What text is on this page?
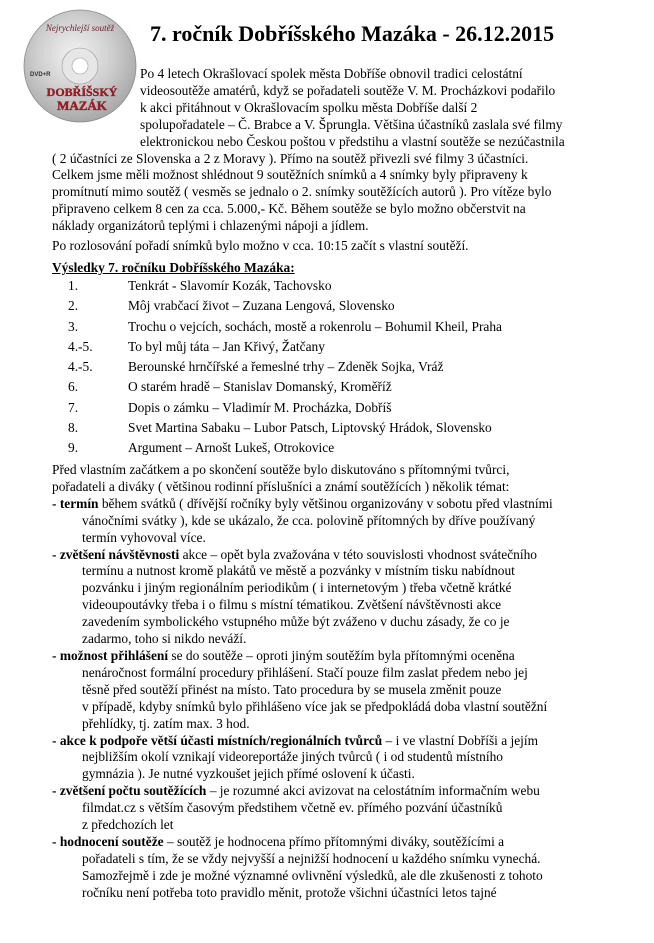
Nejrychlejší soutěž
DVD+R
DOBŘÍŠSKÝ
MAZÁK
7. ročník Dobříšského Mazáka - 26.12.2015

Po 4 letech Okrašlovací spolek města Dobříše obnovil tradici celostátní
videosoutěže amatérů, když se pořadateli soutěže V. M. Procházkovi podařilo
k akci přitáhnout v Okrašlovacím spolku města Dobříše další 2
spolupořadatele – Č. Brabce a V. Šprungla. Většina účastníků zaslala své filmy
elektronickou nebo Českou poštou v předstihu a vlastní soutěže se nezúčastnila
( 2 účastníci ze Slovenska a 2 z Moravy ). Přímo na soutěž přivezli své filmy 3 účastníci.
Celkem jsme měli možnost shlédnout 9 soutěžních snímků a 4 snímky byly připraveny k
promítnutí mimo soutěž ( vesměs se jednalo o 2. snímky soutěžících autorů ). Pro vítěze bylo
připraveno celkem 8 cen za cca. 5.000,- Kč. Během soutěže se bylo možno občerstvit na
náklady organizátorů teplými i chlazenými nápoji a jídlem.

Po rozlosování pořadí snímků bylo možno v cca. 10:15 začít s vlastní soutěží.

Výsledky 7. ročníku Dobříšského Mazáka:

1.	Tenkrát - Slavomír Kozák, Tachovsko
2.	Môj vrabčací život – Zuzana Lengová, Slovensko
3.	Trochu o vejcích, sochách, mostě a rokenrolu – Bohumil Kheil, Praha
4.-5.	To byl můj táta – Jan Křivý, Žatčany
4.-5.	Berounské hrnčířské a řemeslné trhy – Zdeněk Sojka, Vráž
6.	O starém hradě – Stanislav Domanský, Kroměříž
7.	Dopis o zámku – Vladimír M. Procházka, Dobříš
8.	Svet Martina Sabaku – Lubor Patsch, Liptovský Hrádok, Slovensko
9.	Argument – Arnošt Lukeš, Otrokovice

Před vlastním začátkem a po skončení soutěže bylo diskutováno s přítomnými tvůrci,
pořadateli a diváky ( většinou rodinní příslušníci a známí soutěžících ) několik témat:

- termín během svátků ( dřívější ročníky byly většinou organizovány v sobotu před vlastními
vánočními svátky ), kde se ukázalo, že cca. polovině přítomných by dříve používaný
termín vyhovoval více.
- zvětšení návštěvnosti akce – opět byla zvažována v této souvislosti vhodnost svátečního
termínu a nutnost kromě plakátů ve městě a pozvánky v místním tisku nabídnout
pozvánku i jiným regionálním periodikům ( i internetovým ) třeba včetně krátké
videoupoutávky třeba i o filmu s místní tématikou. Zvětšení návštěvnosti akce
zavedením symbolického vstupného může být zváženo v duchu zásady, že co je
zadarmo, toho si nikdo neváží.
- možnost přihlášení se do soutěže – oproti jiným soutěžím byla přítomnými oceněna
nenáročnost formální procedury přihlášení. Stačí pouze film zaslat předem nebo jej
těsně před soutěží přinést na místo. Tato procedura by se musela změnit pouze
v případě, kdyby snímků bylo přihlášeno více jak se předpokládá doba vlastní soutěžní
přehlídky, tj. zatím max. 3 hod.
- akce k podpoře větší účasti místních/regionálních tvůrců – i ve vlastní Dobříši a jejím
nejbližším okolí vznikají videoreportáže jiných tvůrců ( i od studentů místního
gymnázia ). Je nutné vyzkoušet jejich přímé oslovení k účasti.
- zvětšení počtu soutěžících – je rozumné akci avizovat na celostátním informačním webu
filmdat.cz s větším časovým předstihem včetně ev. přímého pozvání účastníků
z předchozích let
- hodnocení soutěže – soutěž je hodnocena přímo přítomnými diváky, soutěžícími a
pořadateli s tím, že se vždy nejvyšší a nejnižší hodnocení u každého snímku vynechá.
Samozřejmě i zde je možné významné ovlivnění výsledků, ale dle zkušenosti z tohoto
ročníku není potřeba toto pravidlo měnit, protože všichni účastníci letos tajné
